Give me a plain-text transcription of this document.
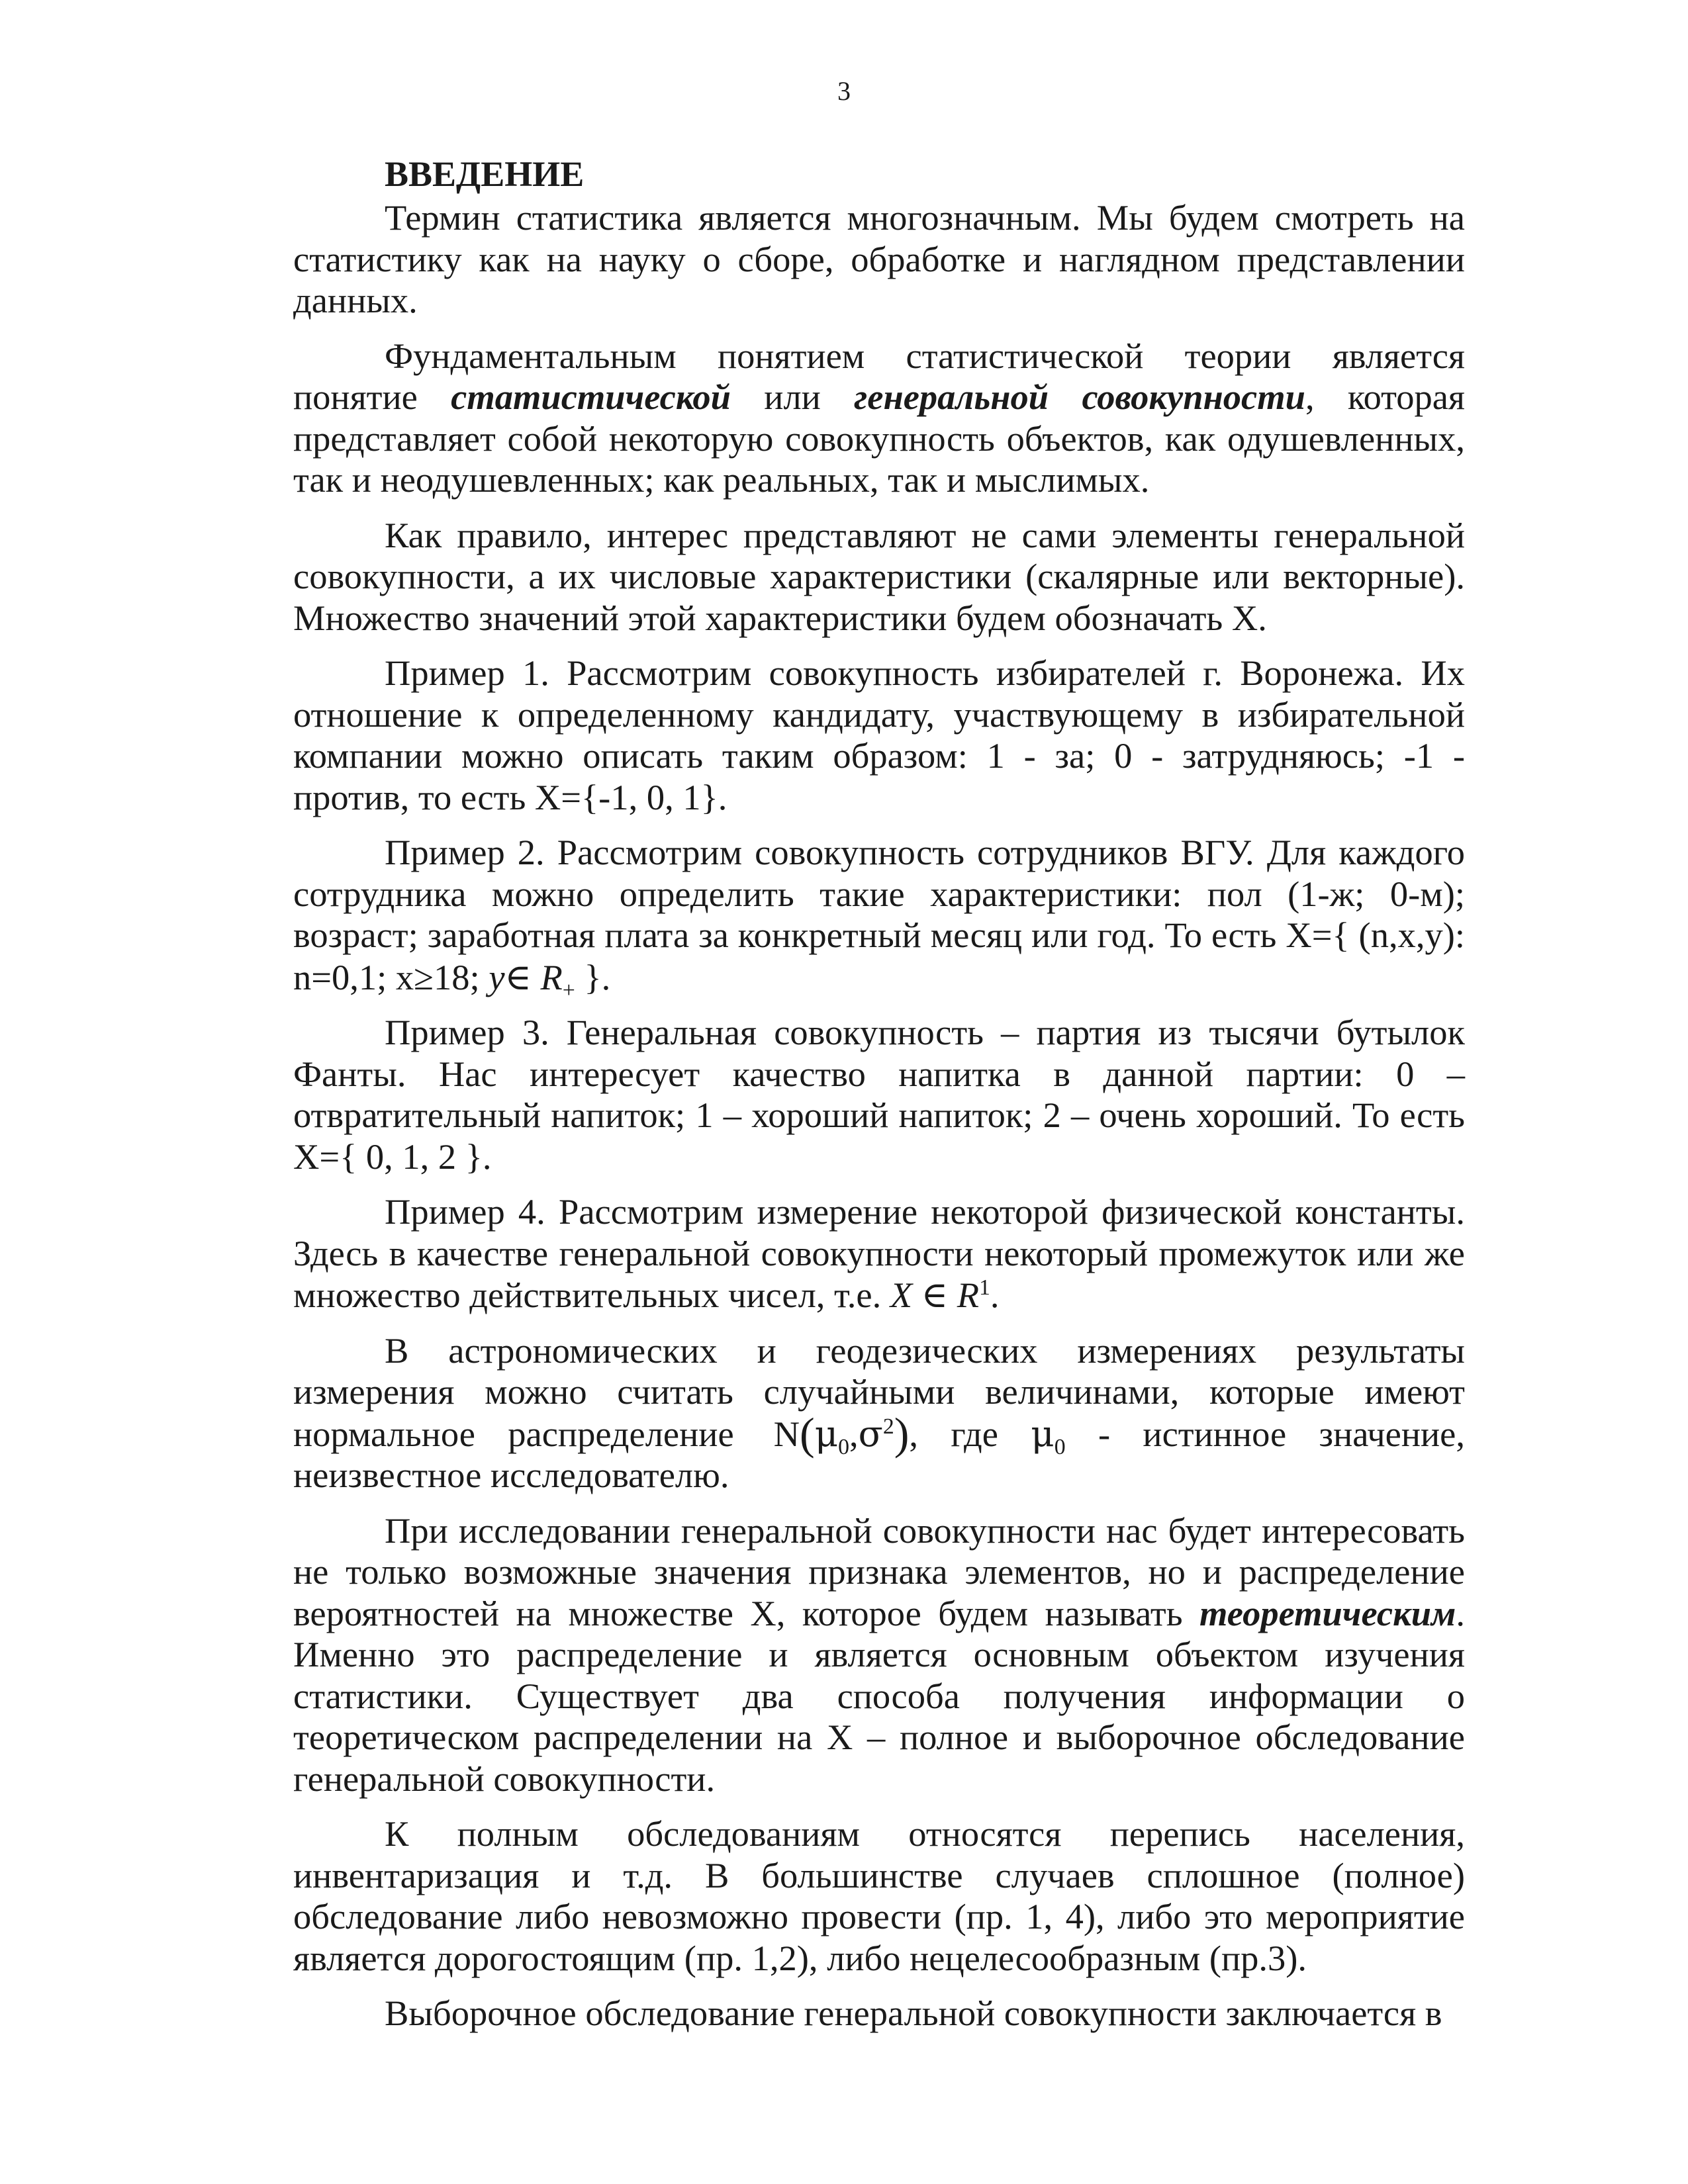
3
ВВЕДЕНИЕ

Термин статистика является многозначным. Мы будем смотреть на статистику как на науку о сборе, обработке и наглядном представлении данных.

Фундаментальным понятием статистической теории является понятие статистической или генеральной совокупности, которая представляет собой некоторую совокупность объектов, как одушевленных, так и неодушевленных; как реальных, так и мыслимых.

Как правило, интерес представляют не сами элементы генеральной совокупности, а их числовые характеристики (скалярные или векторные). Множество значений этой характеристики будем обозначать X.

Пример 1. Рассмотрим совокупность избирателей г. Воронежа. Их отношение к определенному кандидату, участвующему в избирательной компании можно описать таким образом: 1 - за; 0 - затрудняюсь; -1 - против, то есть X={-1, 0, 1}.

Пример 2. Рассмотрим совокупность сотрудников ВГУ. Для каждого сотрудника можно определить такие характеристики: пол (1-ж; 0-м); возраст; заработная плата за конкретный месяц или год. То есть X={ (n,x,y): n=0,1; x≥18; y∈ $R_+$ }.

Пример 3. Генеральная совокупность – партия из тысячи бутылок Фанты. Нас интересует качество напитка в данной партии: 0 – отвратительный напиток; 1 – хороший напиток; 2 – очень хороший. То есть X={ 0, 1, 2 }.

Пример 4. Рассмотрим измерение некоторой физической константы. Здесь в качестве генеральной совокупности некоторый промежуток или же множество действительных чисел, т.е. X ∈ $R^1$.

В астрономических и геодезических измерениях результаты измерения можно считать случайными величинами, которые имеют нормальное распределение $N(\mu_0,\sigma^2)$, где $\mu_0$ - истинное значение, неизвестное исследователю.

При исследовании генеральной совокупности нас будет интересовать не только возможные значения признака элементов, но и распределение вероятностей на множестве X, которое будем называть теоретическим. Именно это распределение и является основным объектом изучения статистики. Существует два способа получения информации о теоретическом распределении на X – полное и выборочное обследование генеральной совокупности.

К полным обследованиям относятся перепись населения, инвентаризация и т.д. В большинстве случаев сплошное (полное) обследование либо невозможно провести (пр. 1, 4), либо это мероприятие является дорогостоящим (пр. 1,2), либо нецелесообразным (пр.3).

Выборочное обследование генеральной совокупности заключается в
